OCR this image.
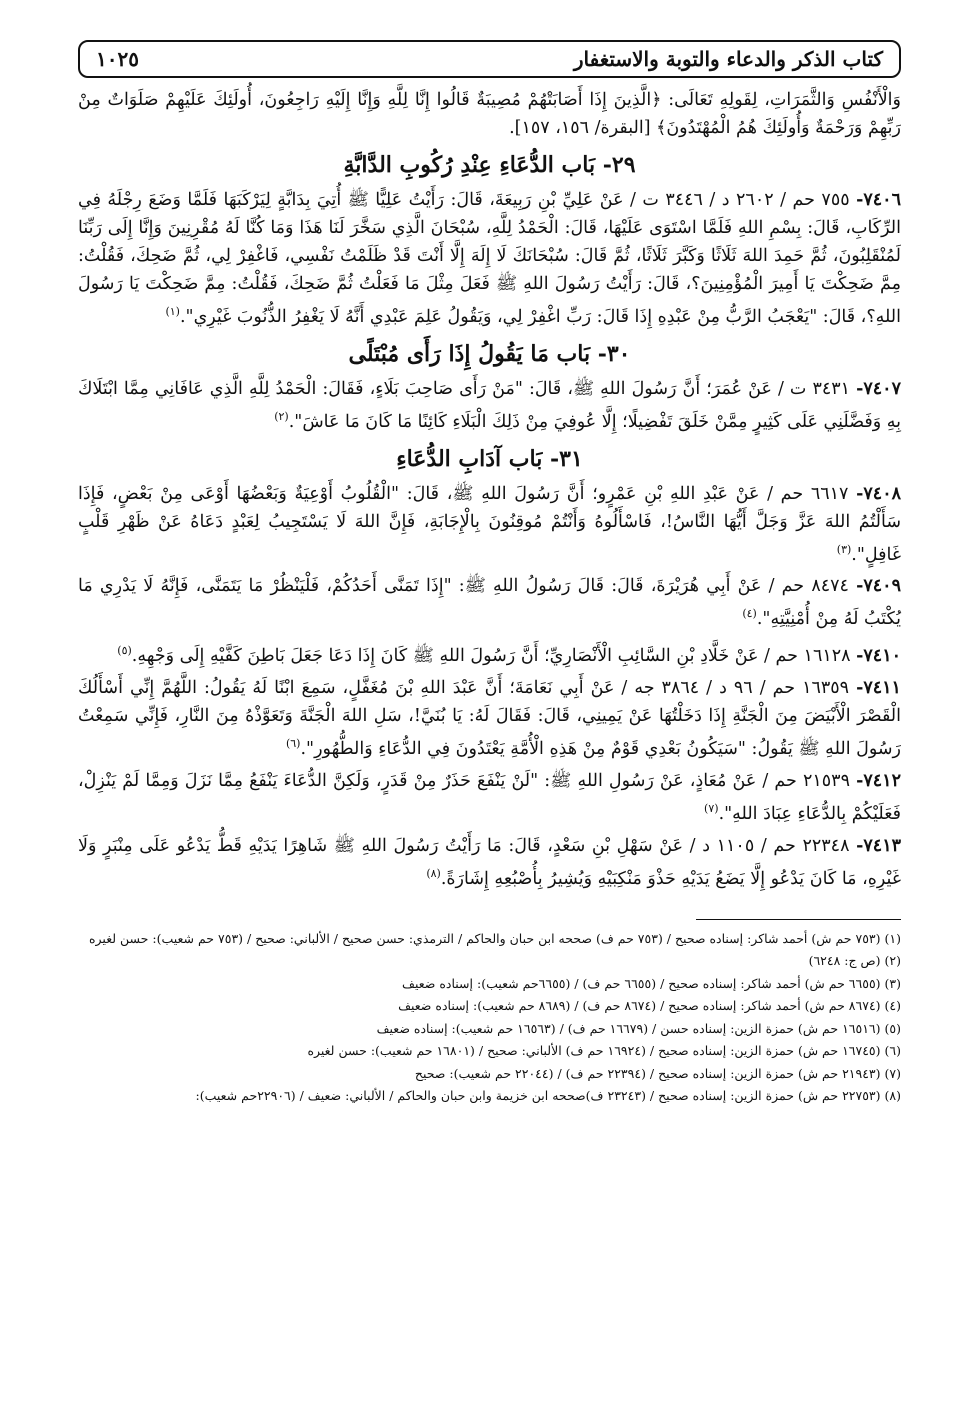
كتاب الذكر والدعاء والتوبة والاستغفار
١٠٢٥

وَالْأَنْفُسِ وَالثَّمَرَاتِ، لِقَولِهِ تَعَالَى: ﴿الَّذِينَ إِذَا أَصَابَتْهُمْ مُصِيبَةٌ قَالُوا إِنَّا لِلَّهِ وَإِنَّا إِلَيْهِ رَاجِعُونَ، أُولَئِكَ عَلَيْهِمْ صَلَوَاتٌ مِنْ رَبِّهِمْ وَرَحْمَةٌ وَأُولَئِكَ هُمُ الْمُهْتَدُونَ﴾ [البقرة/ ١٥٦، ١٥٧].

٢٩- بَاب الدُّعَاءِ عِنْدِ رُكُوبِ الدَّابَّةِ

٧٤٠٦- ٧٥٥ حم / ٢٦٠٢ د / ٣٤٤٦ ت / عَنْ عَلِيِّ بْنِ رَبِيعَةَ، قَالَ: رَأَيْتُ عَلِيًّا ﷺ أُتِيَ بِدَابَّةٍ لِيَرْكَبَهَا فَلَمَّا وَضَعَ رِجْلَهُ فِي الرِّكَابِ، قَالَ: بِسْمِ اللهِ فَلَمَّا اسْتَوَى عَلَيْهَا، قَالَ: الْحَمْدُ لِلَّهِ، سُبْحَانَ الَّذِي سَخَّرَ لَنَا هَذَا وَمَا كُنَّا لَهُ مُقْرِنِينَ وَإِنَّا إِلَى رَبِّنَا لَمُنْقَلِبُونَ، ثُمَّ حَمِدَ اللهَ ثَلَاثًا وَكَبَّرَ ثَلَاثًا، ثُمَّ قَالَ: سُبْحَانَكَ لَا إِلَهَ إِلَّا أَنْتَ قَدْ ظَلَمْتُ نَفْسِي، فَاغْفِرْ لِي، ثُمَّ ضَحِكَ، فَقُلْتُ: مِمَّ ضَحِكْتَ يَا أَمِيرَ الْمُؤْمِنِينَ؟، قَالَ: رَأَيْتُ رَسُولَ اللهِ ﷺ فَعَلَ مِثْلَ مَا فَعَلْتُ ثُمَّ ضَحِكَ، فَقُلْتُ: مِمَّ ضَحِكْتَ يَا رَسُولَ اللهِ؟، قَالَ: "يَعْجَبُ الرَّبُّ مِنْ عَبْدِهِ إِذَا قَالَ: رَبِّ اغْفِرْ لِي، وَيَقُولُ عَلِمَ عَبْدِي أَنَّهُ لَا يَغْفِرُ الذُّنُوبَ غَيْرِي".$^{(١)}$

٣٠- بَاب مَا يَقُولُ إِذَا رَأَى مُبْتَلًى

٧٤٠٧- ٣٤٣١ ت / عَنْ عُمَرَ؛ أَنَّ رَسُولَ اللهِ ﷺ، قَالَ: "مَنْ رَأَى صَاحِبَ بَلَاءٍ، فَقَالَ: الْحَمْدُ لِلَّهِ الَّذِي عَافَانِي مِمَّا ابْتَلَاكَ بِهِ وَفَضَّلَنِي عَلَى كَثِيرٍ مِمَّنْ خَلَقَ تَفْضِيلًا؛ إِلَّا عُوفِيَ مِنْ ذَلِكَ الْبَلَاءِ كَائِنًا مَا كَانَ مَا عَاشَ".$^{(٢)}$

٣١- بَاب آدَابِ الدُّعَاءِ

٧٤٠٨- ٦٦١٧ حم / عَنْ عَبْدِ اللهِ بْنِ عَمْرٍو؛ أَنَّ رَسُولَ اللهِ ﷺ، قَالَ: "الْقُلُوبُ أَوْعِيَةٌ وَبَعْضُهَا أَوْعَى مِنْ بَعْضٍ، فَإِذَا سَأَلْتُمُ اللهَ عَزَّ وَجَلَّ أَيُّهَا النَّاسُ!، فَاسْأَلُوهُ وَأَنْتُمْ مُوقِنُونَ بِالْإِجَابَةِ، فَإِنَّ اللهَ لَا يَسْتَجِيبُ لِعَبْدٍ دَعَاهُ عَنْ ظَهْرِ قَلْبٍ غَافِلٍ".$^{(٣)}$

٧٤٠٩- ٨٤٧٤ حم / عَنْ أَبِي هُرَيْرَةَ، قَالَ: قَالَ رَسُولُ اللهِ ﷺ: "إِذَا تَمَنَّى أَحَدُكُمْ، فَلْيَنْظُرْ مَا يَتَمَنَّى، فَإِنَّهُ لَا يَدْرِي مَا يُكْتَبُ لَهُ مِنْ أُمْنِيَّتِهِ".$^{(٤)}$

٧٤١٠- ١٦١٢٨ حم / عَنْ خَلَّادِ بْنِ السَّائِبِ الْأَنْصَارِيِّ؛ أَنَّ رَسُولَ اللهِ ﷺ كَانَ إِذَا دَعَا جَعَلَ بَاطِنَ كَفَّيْهِ إِلَى وَجْهِهِ.$^{(٥)}$

٧٤١١- ١٦٣٥٩ حم / ٩٦ د / ٣٨٦٤ جه / عَنْ أَبِي نَعَامَةَ؛ أَنَّ عَبْدَ اللهِ بْنَ مُغَفَّلٍ، سَمِعَ ابْنًا لَهُ يَقُولُ: اللَّهُمَّ إِنِّي أَسْأَلُكَ الْقَصْرَ الْأَبْيَضَ مِنَ الْجَنَّةِ إِذَا دَخَلْتُهَا عَنْ يَمِينِي، قَالَ: فَقَالَ لَهُ: يَا بُنَيَّ!، سَلِ اللهَ الْجَنَّةَ وَتَعَوَّذْهُ مِنَ النَّارِ، فَإِنِّي سَمِعْتُ رَسُولَ اللهِ ﷺ يَقُولُ: "سَيَكُونُ بَعْدِي قَوْمٌ مِنْ هَذِهِ الْأُمَّةِ يَعْتَدُونَ فِي الدُّعَاءِ وَالطُّهُورِ".$^{(٦)}$

٧٤١٢- ٢١٥٣٩ حم / عَنْ مُعَاذٍ، عَنْ رَسُولِ اللهِ ﷺ: "لَنْ يَنْفَعَ حَذَرٌ مِنْ قَدَرٍ، وَلَكِنَّ الدُّعَاءَ يَنْفَعُ مِمَّا نَزَلَ وَمِمَّا لَمْ يَنْزِلْ، فَعَلَيْكُمْ بِالدُّعَاءِ عِبَادَ اللهِ".$^{(٧)}$

٧٤١٣- ٢٢٣٤٨ حم / ١١٠٥ د / عَنْ سَهْلِ بْنِ سَعْدٍ، قَالَ: مَا رَأَيْتُ رَسُولَ اللهِ ﷺ شَاهِرًا يَدَيْهِ قَطُّ يَدْعُو عَلَى مِنْبَرٍ وَلَا غَيْرِهِ، مَا كَانَ يَدْعُو إِلَّا يَضَعُ يَدَيْهِ حَذْوَ مَنْكِبَيْهِ وَيُشِيرُ بِأُصْبُعِهِ إِشَارَةً.$^{(٨)}$

(١) (٧٥٣ حم ش) أحمد شاكر: إسناده صحيح / (٧٥٣ حم ف) صححه ابن حبان والحاكم / الترمذي: حسن صحيح / الألباني: صحيح / (٧٥٣ حم شعيب): حسن لغيره
(٢) (ص ج: ٦٢٤٨)
(٣) (٦٦٥٥ حم ش) أحمد شاكر: إسناده صحيح / (٦٦٥٥ حم ف) / (٦٦٥٥حم شعيب): إسناده ضعيف
(٤) (٨٦٧٤ حم ش) أحمد شاكر: إسناده صحيح / (٨٦٧٤ حم ف) / (٨٦٨٩ حم شعيب): إسناده ضعيف
(٥) (١٦٥١٦ حم ش) حمزة الزين: إسناده حسن / (١٦٦٧٩ حم ف) / (١٦٥٦٣ حم شعيب): إسناده ضعيف
(٦) (١٦٧٤٥ حم ش) حمزة الزين: إسناده صحيح / (١٦٩٢٤ حم ف) الألباني: صحيح / (١٦٨٠١ حم شعيب): حسن لغيره
(٧) (٢١٩٤٣ حم ش) حمزة الزين: إسناده صحيح / (٢٢٣٩٤ حم ف) / (٢٢٠٤٤ حم شعيب): صحيح
(٨) (٢٢٧٥٣ حم ش) حمزة الزين: إسناده صحيح / (٢٣٢٤٣ ف)صححه ابن خزيمة وابن حبان والحاكم / الألباني: ضعيف / (٢٢٩٠٦حم شعيب):
